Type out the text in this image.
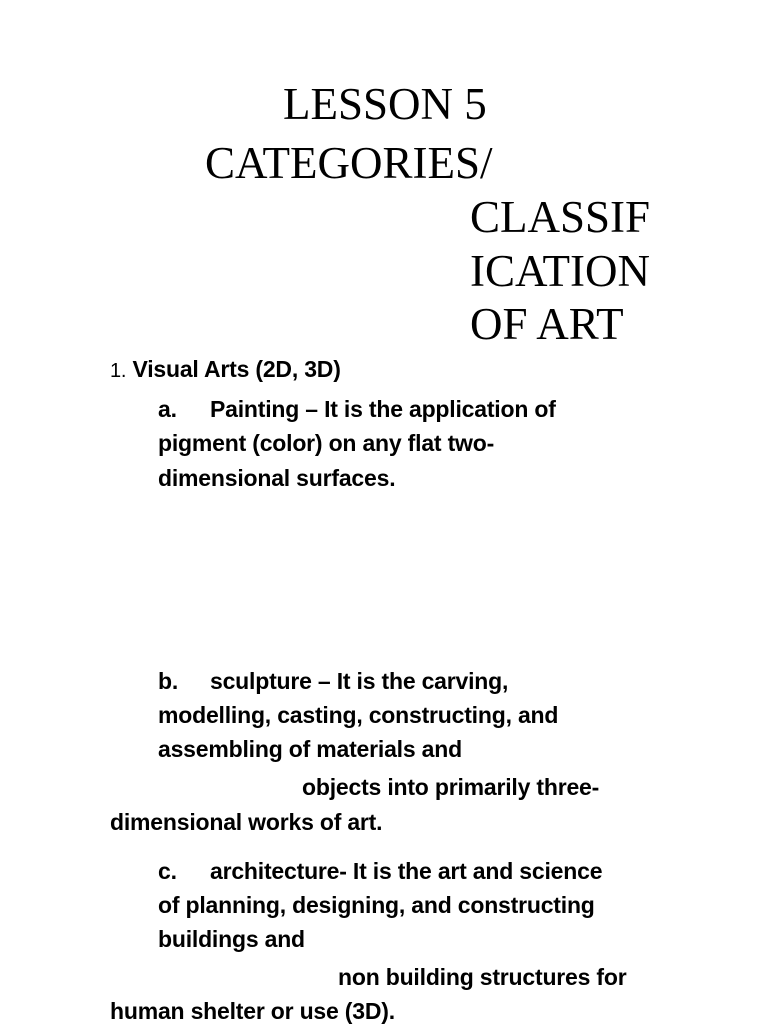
LESSON 5
CATEGORIES/
CLASSIF
ICATION
OF ART
1. Visual Arts (2D, 3D)
a. Painting – It is the application of
pigment (color) on any flat two-
dimensional surfaces.
b. sculpture – It is the carving,
modelling, casting, constructing, and
assembling of materials and
objects into primarily three-
dimensional works of art.
c. architecture- It is the art and science
of planning, designing, and constructing
buildings and
non building structures for
human shelter or use (3D).
